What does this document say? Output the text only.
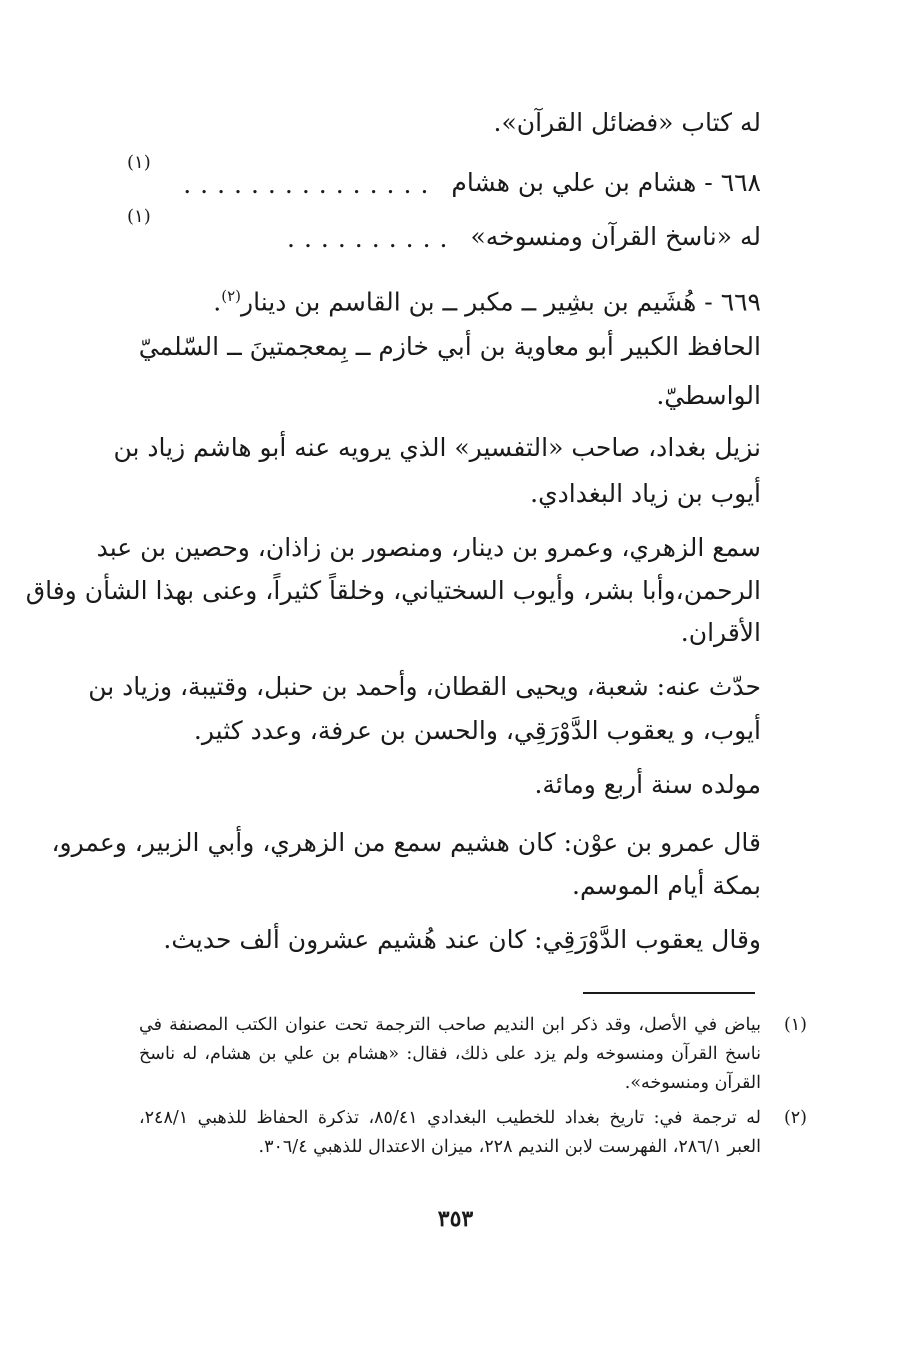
له كتاب «فضائل القرآن».
٦٦٨ - هشام بن علي بن هشام
...............
(١)
له «ناسخ القرآن ومنسوخه»
..........
(١)
٦٦٩ - هُشَيم بن بشِير ــ مكبر ــ بن القاسم بن دينار$^{(٢)}$.
الحافظ الكبير أبو معاوية بن أبي خازم ــ بِمعجمتينَ ــ السّلميّ
الواسطيّ.
نزيل بغداد، صاحب «التفسير» الذي يرويه عنه أبو هاشم زياد بن
أيوب بن زياد البغدادي.
سمع الزهري، وعمرو بن دينار، ومنصور بن زاذان، وحصين بن عبد
الرحمن،وأبا بشر، وأيوب السختياني، وخلقاً كثيراً، وعنى بهذا الشأن وفاق
الأقران.
حدّث عنه: شعبة، ويحيى القطان، وأحمد بن حنبل، وقتيبة، وزياد بن
أيوب، و يعقوب الدَّوْرَقِي، والحسن بن عرفة، وعدد كثير.
مولده سنة أربع ومائة.
قال عمرو بن عوْن: كان هشيم سمع من الزهري، وأبي الزبير، وعمرو،
بمكة أيام الموسم.
وقال يعقوب الدَّوْرَقِي: كان عند هُشيم عشرون ألف حديث.
(١)
بياض في الأصل، وقد ذكر ابن النديم صاحب الترجمة تحت عنوان الكتب المصنفة في
ناسخ القرآن ومنسوخه ولم يزد على ذلك، فقال: «هشام بن علي بن هشام، له ناسخ
القرآن ومنسوخه».
(٢)
له ترجمة في: تاريخ بغداد للخطيب البغدادي ٨٥/٤١، تذكرة الحفاظ للذهبي ٢٤٨/١،
العبر ٢٨٦/١، الفهرست لابن النديم ٢٢٨، ميزان الاعتدال للذهبي ٣٠٦/٤.
٣٥٣
